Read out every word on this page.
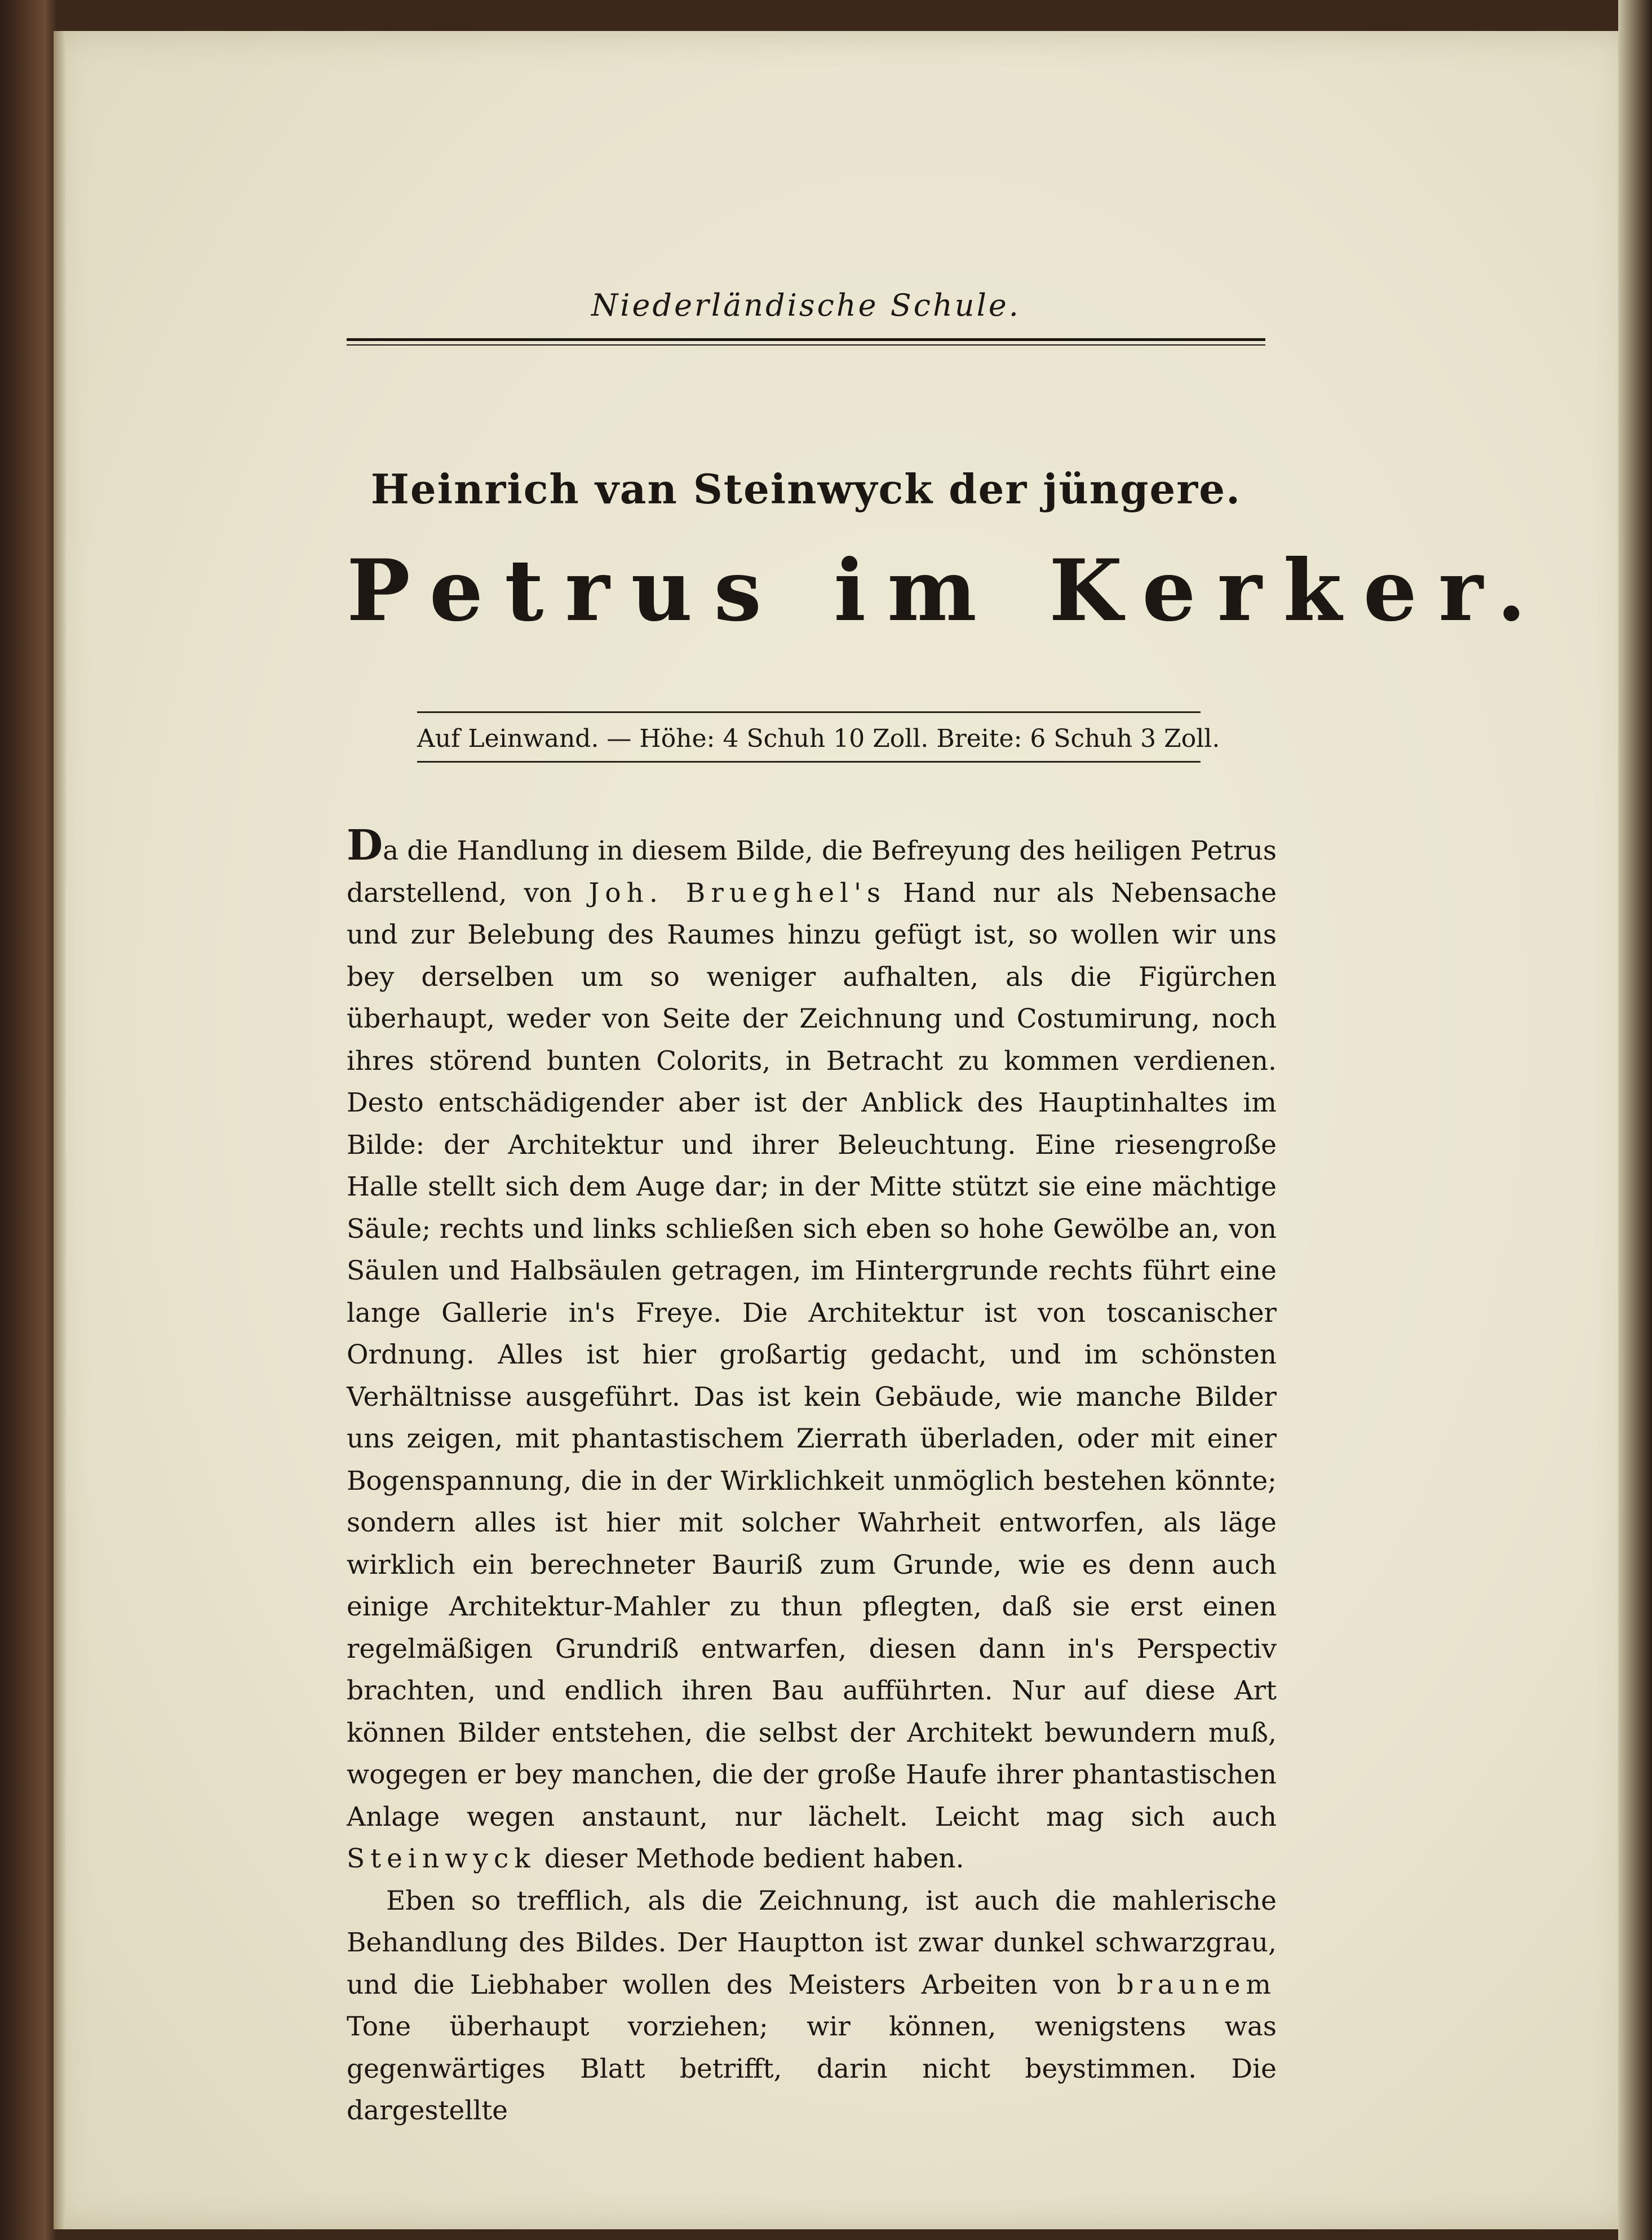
Niederländische Schule.
Heinrich van Steinwyck der jüngere.
Petrus im Kerker.
Auf Leinwand. — Höhe: 4 Schuh 10 Zoll. Breite: 6 Schuh 3 Zoll.

Da die Handlung in diesem Bilde, die Befreyung des heiligen Petrus darstellend, von Joh. Brueghel's Hand nur als Nebensache und zur Belebung des Raumes hinzu gefügt ist, so wollen wir uns bey derselben um so weniger aufhalten, als die Figürchen überhaupt, weder von Seite der Zeichnung und Costumirung, noch ihres störend bunten Colorits, in Betracht zu kommen verdienen. Desto entschädigender aber ist der Anblick des Hauptinhaltes im Bilde: der Architektur und ihrer Beleuchtung. Eine riesengroße Halle stellt sich dem Auge dar; in der Mitte stützt sie eine mächtige Säule; rechts und links schließen sich eben so hohe Gewölbe an, von Säulen und Halbsäulen getragen, im Hintergrunde rechts führt eine lange Gallerie in's Freye. Die Architektur ist von toscanischer Ordnung. Alles ist hier großartig gedacht, und im schönsten Verhältnisse ausgeführt. Das ist kein Gebäude, wie manche Bilder uns zeigen, mit phantastischem Zierrath überladen, oder mit einer Bogenspannung, die in der Wirklichkeit unmöglich bestehen könnte; sondern alles ist hier mit solcher Wahrheit entworfen, als läge wirklich ein berechneter Bauriß zum Grunde, wie es denn auch einige Architektur-Mahler zu thun pflegten, daß sie erst einen regelmäßigen Grundriß entwarfen, diesen dann in's Perspectiv brachten, und endlich ihren Bau aufführten. Nur auf diese Art können Bilder entstehen, die selbst der Architekt bewundern muß, wogegen er bey manchen, die der große Haufe ihrer phantastischen Anlage wegen anstaunt, nur lächelt. Leicht mag sich auch Steinwyck dieser Methode bedient haben.

Eben so trefflich, als die Zeichnung, ist auch die mahlerische Behandlung des Bildes. Der Hauptton ist zwar dunkel schwarzgrau, und die Liebhaber wollen des Meisters Arbeiten von braunem Tone überhaupt vorziehen; wir können, wenigstens was gegenwärtiges Blatt betrifft, darin nicht beystimmen. Die dargestellte
